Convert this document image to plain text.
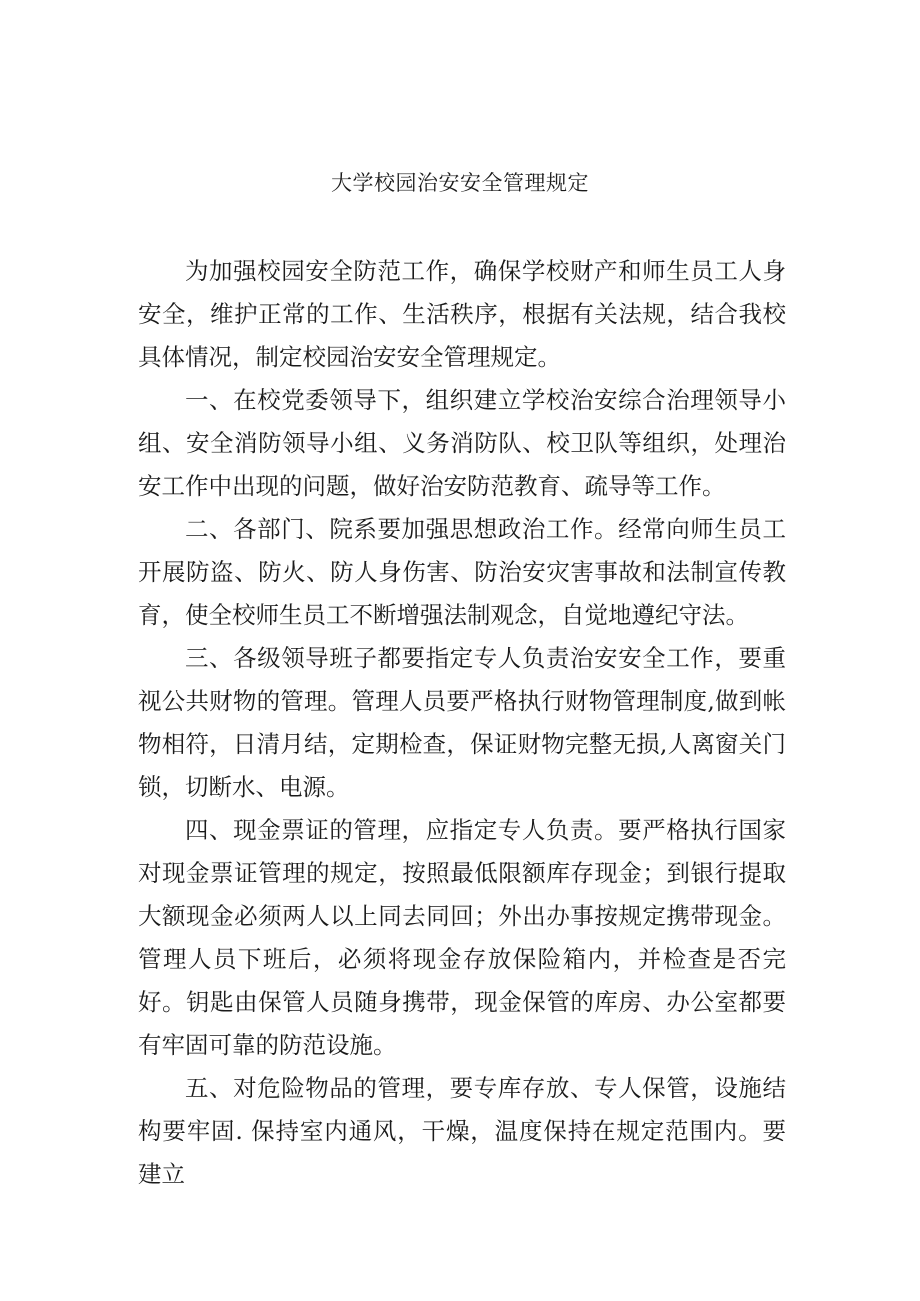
大学校园治安安全管理规定

为加强校园安全防范工作，确保学校财产和师生员工人身安全，维护正常的工作、生活秩序，根据有关法规，结合我校具体情况，制定校园治安安全管理规定。

一、在校党委领导下，组织建立学校治安综合治理领导小组、安全消防领导小组、义务消防队、校卫队等组织，处理治安工作中出现的问题，做好治安防范教育、疏导等工作。

二、各部门、院系要加强思想政治工作。经常向师生员工开展防盗、防火、防人身伤害、防治安灾害事故和法制宣传教育，使全校师生员工不断增强法制观念，自觉地遵纪守法。

三、各级领导班子都要指定专人负责治安安全工作，要重视公共财物的管理。管理人员要严格执行财物管理制度,做到帐物相符，日清月结，定期检查，保证财物完整无损,人离窗关门锁，切断水、电源。

四、现金票证的管理，应指定专人负责。要严格执行国家对现金票证管理的规定，按照最低限额库存现金；到银行提取大额现金必须两人以上同去同回；外出办事按规定携带现金。管理人员下班后，必须将现金存放保险箱内，并检查是否完好。钥匙由保管人员随身携带，现金保管的库房、办公室都要有牢固可靠的防范设施。

五、对危险物品的管理，要专库存放、专人保管，设施结构要牢固. 保持室内通风，干燥，温度保持在规定范围内。要建立
